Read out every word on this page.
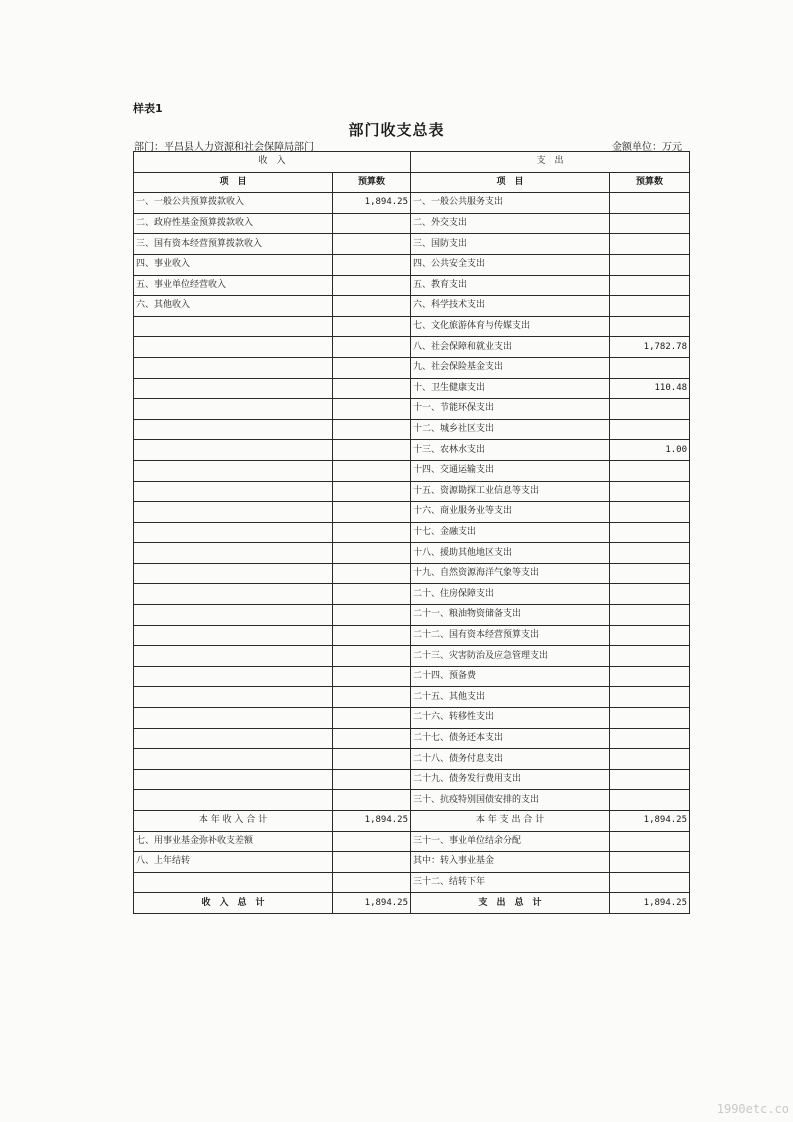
样表1
部门收支总表
部门：平昌县人力资源和社会保障局部门	金额单位：万元
收　入		支　出	
项　目	预算数	项　目	预算数
一、一般公共预算拨款收入	1,894.25	一、一般公共服务支出	
二、政府性基金预算拨款收入		二、外交支出	
三、国有资本经营预算拨款收入		三、国防支出	
四、事业收入		四、公共安全支出	
五、事业单位经营收入		五、教育支出	
六、其他收入		六、科学技术支出	
		七、文化旅游体育与传媒支出	
		八、社会保障和就业支出	1,782.78
		九、社会保险基金支出	
		十、卫生健康支出	110.48
		十一、节能环保支出	
		十二、城乡社区支出	
		十三、农林水支出	1.00
		十四、交通运输支出	
		十五、资源勘探工业信息等支出	
		十六、商业服务业等支出	
		十七、金融支出	
		十八、援助其他地区支出	
		十九、自然资源海洋气象等支出	
		二十、住房保障支出	
		二十一、粮油物资储备支出	
		二十二、国有资本经营预算支出	
		二十三、灾害防治及应急管理支出	
		二十四、预备费	
		二十五、其他支出	
		二十六、转移性支出	
		二十七、债务还本支出	
		二十八、债务付息支出	
		二十九、债务发行费用支出	
		三十、抗疫特别国债安排的支出	
本 年 收 入 合 计	1,894.25	本 年 支 出 合 计	1,894.25
七、用事业基金弥补收支差额		三十一、事业单位结余分配	
八、上年结转		其中：转入事业基金	
		三十二、结转下年	
收　入　总　计	1,894.25	支　出　总　计	1,894.25
1990etc.co
